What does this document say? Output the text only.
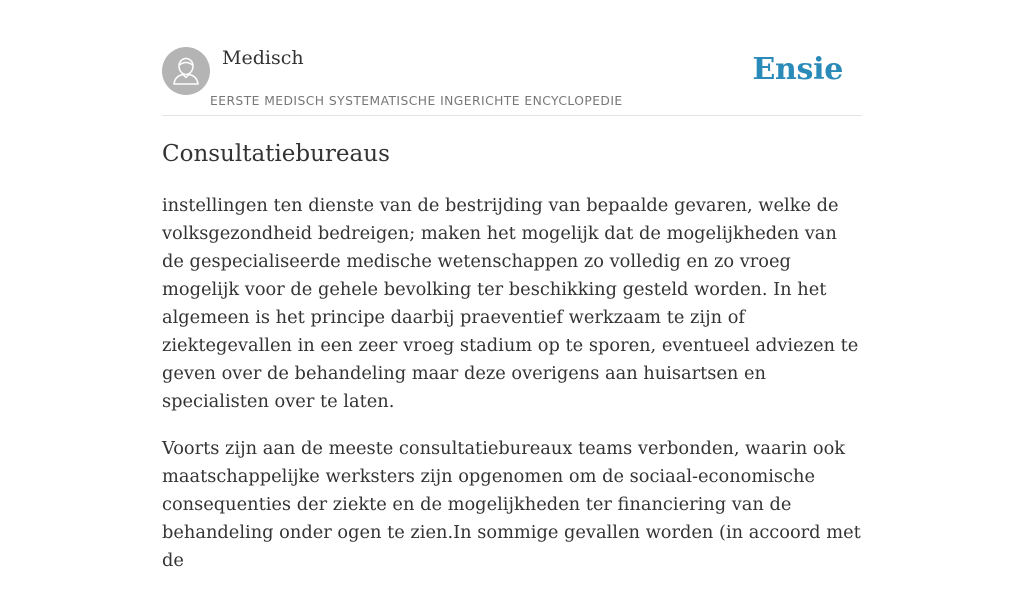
Medisch
EERSTE MEDISCH SYSTEMATISCHE INGERICHTE ENCYCLOPEDIE
Ensie
Consultatiebureaus

instellingen ten dienste van de bestrijding van bepaalde gevaren, welke de volksgezondheid bedreigen; maken het mogelijk dat de mogelijkheden van de gespecialiseerde medische wetenschappen zo volledig en zo vroeg mogelijk voor de gehele bevolking ter beschikking gesteld worden. In het algemeen is het principe daarbij praeventief werkzaam te zijn of ziektegevallen in een zeer vroeg stadium op te sporen, eventueel adviezen te geven over de behandeling maar deze overigens aan huisartsen en specialisten over te laten.

Voorts zijn aan de meeste consultatiebureaux teams verbonden, waarin ook maatschappelijke werksters zijn opgenomen om de sociaal-economische consequenties der ziekte en de mogelijkheden ter financiering van de behandeling onder ogen te zien.In sommige gevallen worden (in accoord met de
